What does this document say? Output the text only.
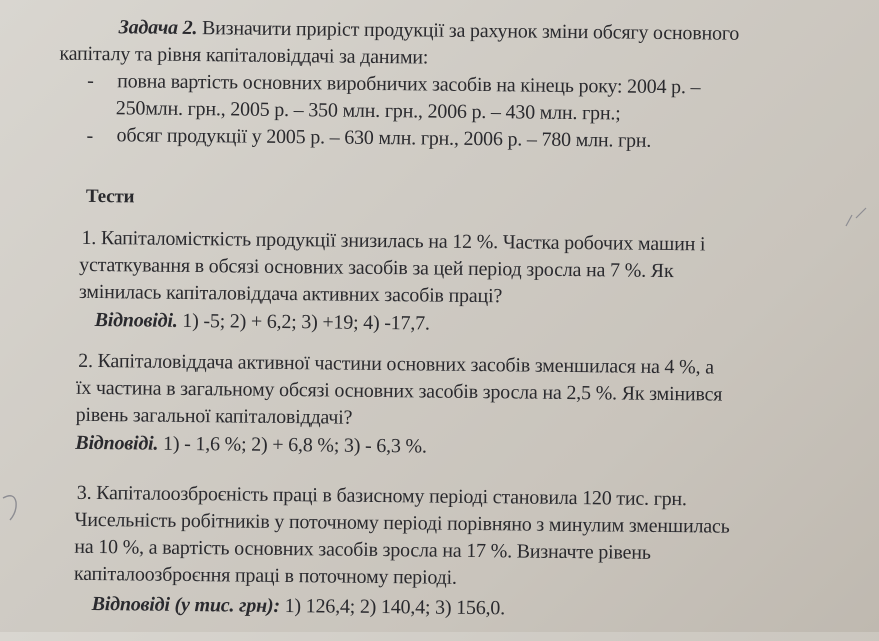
Задача 2. Визначити приріст продукції за рахунок зміни обсягу основного
капіталу та рівня капіталовіддачі за даними:
- повна вартість основних виробничих засобів на кінець року: 2004 р. –
250млн. грн., 2005 р. – 350 млн. грн., 2006 р. – 430 млн. грн.;
- обсяг продукції у 2005 р. – 630 млн. грн., 2006 р. – 780 млн. грн.
Тести
1. Капіталомісткість продукції знизилась на 12 %. Частка робочих машин і
устаткування в обсязі основних засобів за цей період зросла на 7 %. Як
змінилась капіталовіддача активних засобів праці?
Відповіді. 1) -5; 2) + 6,2; 3) +19; 4) -17,7.
2. Капіталовіддача активної частини основних засобів зменшилася на 4 %, а
їх частина в загальному обсязі основних засобів зросла на 2,5 %. Як змінився
рівень загальної капіталовіддачі?
Відповіді. 1) - 1,6 %; 2) + 6,8 %; 3) - 6,3 %.
3. Капіталоозброєність праці в базисному періоді становила 120 тис. грн.
Чисельність робітників у поточному періоді порівняно з минулим зменшилась
на 10 %, а вартість основних засобів зросла на 17 %. Визначте рівень
капіталоозброєння праці в поточному періоді.
Відповіді (у тис. грн): 1) 126,4; 2) 140,4; 3) 156,0.
